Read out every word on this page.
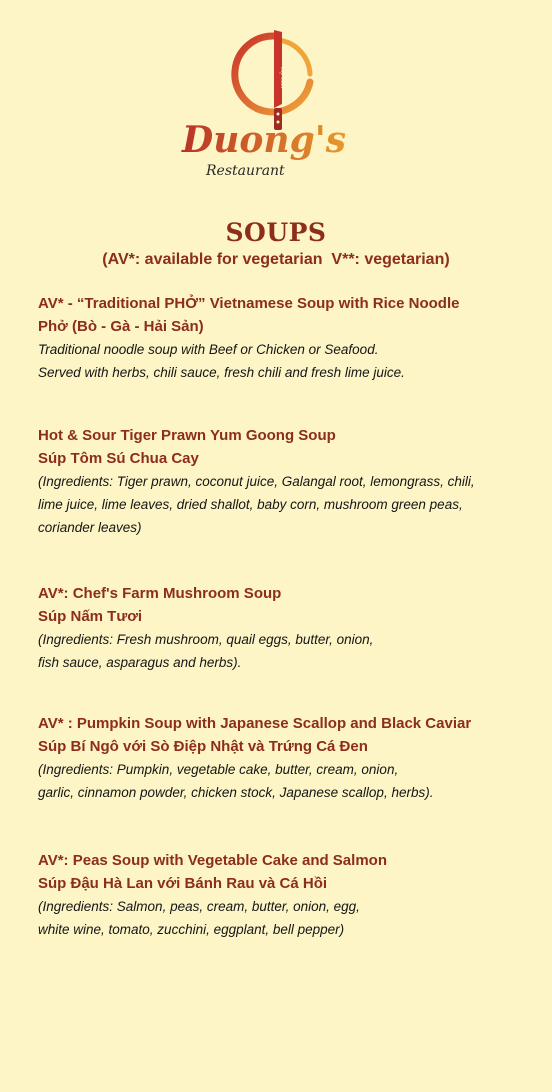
Top Chef
Duong's
Restaurant
SOUPS
(AV*: available for vegetarian  V**: vegetarian)
AV* - “Traditional PHỞ” Vietnamese Soup with Rice Noodle
Phở (Bò - Gà - Hải Sản)
Traditional noodle soup with Beef or Chicken or Seafood.
Served with herbs, chili sauce, fresh chili and fresh lime juice.
Hot & Sour Tiger Prawn Yum Goong Soup
Súp Tôm Sú Chua Cay
(Ingredients: Tiger prawn, coconut juice, Galangal root, lemongrass, chili,
lime juice, lime leaves, dried shallot, baby corn, mushroom green peas,
coriander leaves)
AV*: Chef's Farm Mushroom Soup
Súp Nấm Tươi
(Ingredients: Fresh mushroom, quail eggs, butter, onion,
fish sauce, asparagus and herbs).
AV* : Pumpkin Soup with Japanese Scallop and Black Caviar
Súp Bí Ngô với Sò Điệp Nhật và Trứng Cá Đen
(Ingredients: Pumpkin, vegetable cake, butter, cream, onion,
garlic, cinnamon powder, chicken stock, Japanese scallop, herbs).
AV*: Peas Soup with Vegetable Cake and Salmon
Súp Đậu Hà Lan với Bánh Rau và Cá Hồi
(Ingredients: Salmon, peas, cream, butter, onion, egg,
white wine, tomato, zucchini, eggplant, bell pepper)
